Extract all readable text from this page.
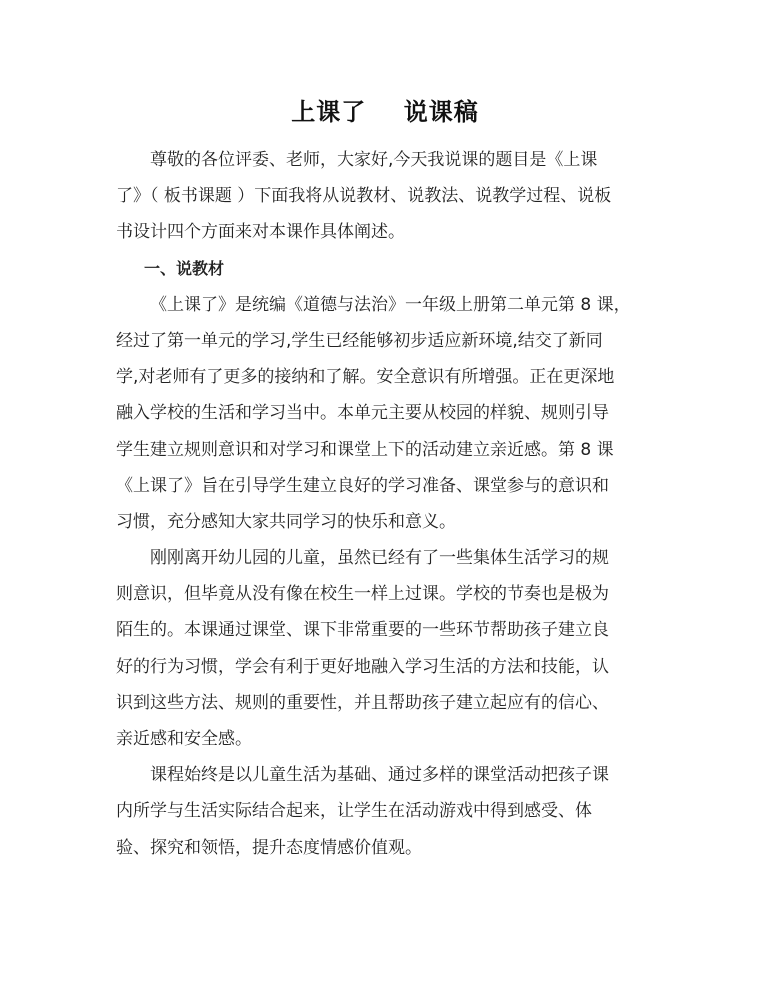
上课了    说课稿
尊敬的各位评委、老师，大家好,今天我说课的题目是《上课
了》（ 板书课题 ）下面我将从说教材、说教法、说教学过程、说板
书设计四个方面来对本课作具体阐述。
一、说教材
《上课了》是统编《道德与法治》一年级上册第二单元第 8 课，
经过了第一单元的学习,学生已经能够初步适应新环境,结交了新同
学,对老师有了更多的接纳和了解。安全意识有所增强。正在更深地
融入学校的生活和学习当中。本单元主要从校园的样貌、规则引导
学生建立规则意识和对学习和课堂上下的活动建立亲近感。第 8 课
《上课了》旨在引导学生建立良好的学习准备、课堂参与的意识和
习惯，充分感知大家共同学习的快乐和意义。
刚刚离开幼儿园的儿童，虽然已经有了一些集体生活学习的规
则意识，但毕竟从没有像在校生一样上过课。学校的节奏也是极为
陌生的。本课通过课堂、课下非常重要的一些环节帮助孩子建立良
好的行为习惯，学会有利于更好地融入学习生活的方法和技能，认
识到这些方法、规则的重要性，并且帮助孩子建立起应有的信心、
亲近感和安全感。
课程始终是以儿童生活为基础、通过多样的课堂活动把孩子课
内所学与生活实际结合起来，让学生在活动游戏中得到感受、体
验、探究和领悟，提升态度情感价值观。
